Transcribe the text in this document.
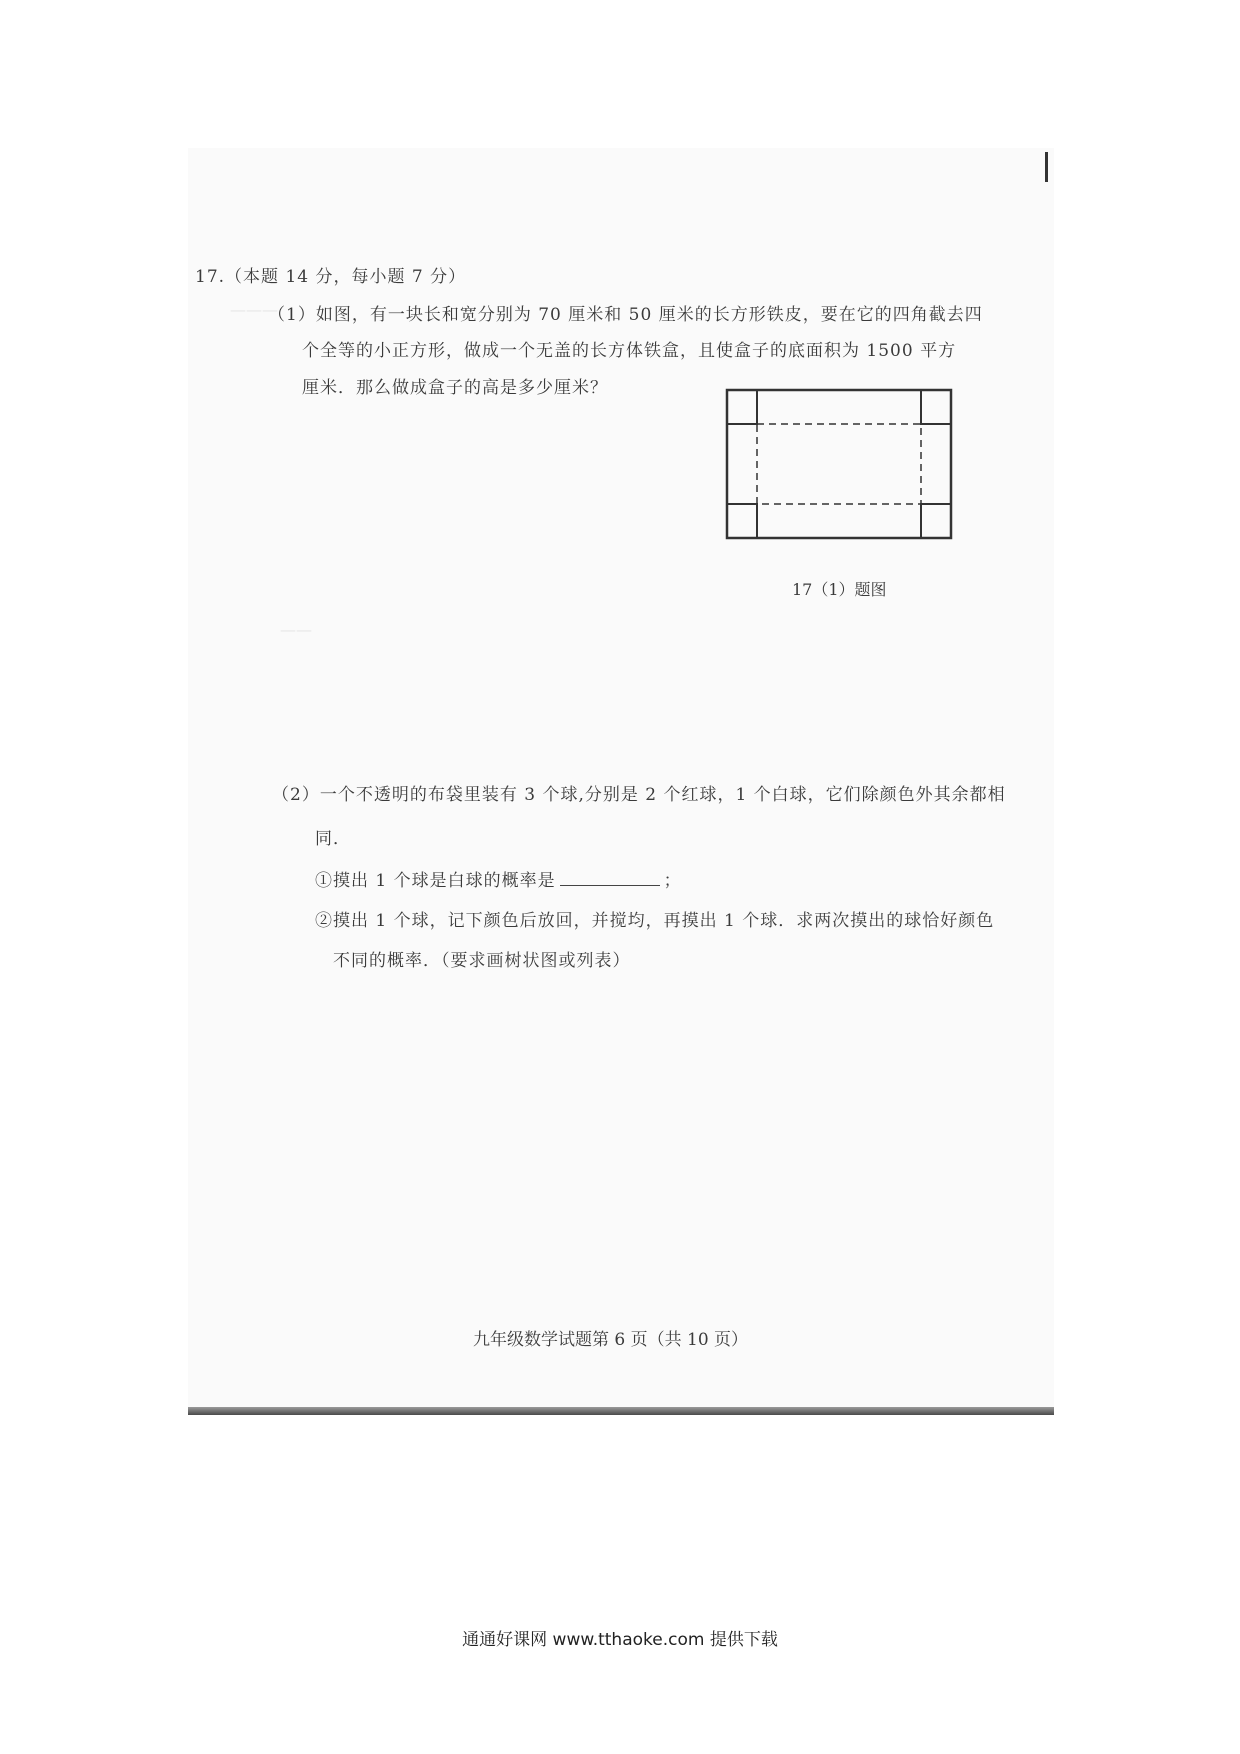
———
——
17.（本题 14 分，每小题 7 分）
（1）如图，有一块长和宽分别为 70 厘米和 50 厘米的长方形铁皮，要在它的四角截去四
个全等的小正方形，做成一个无盖的长方体铁盒，且使盒子的底面积为 1500 平方
厘米．那么做成盒子的高是多少厘米？
17（1）题图
（2）一个不透明的布袋里装有 3 个球,分别是 2 个红球，1 个白球，它们除颜色外其余都相
同．
①摸出 1 个球是白球的概率是	；
②摸出 1 个球，记下颜色后放回，并搅均，再摸出 1 个球．求两次摸出的球恰好颜色
不同的概率．（要求画树状图或列表）
九年级数学试题第 6 页（共 10 页）
通通好课网 www.tthaoke.com 提供下载
